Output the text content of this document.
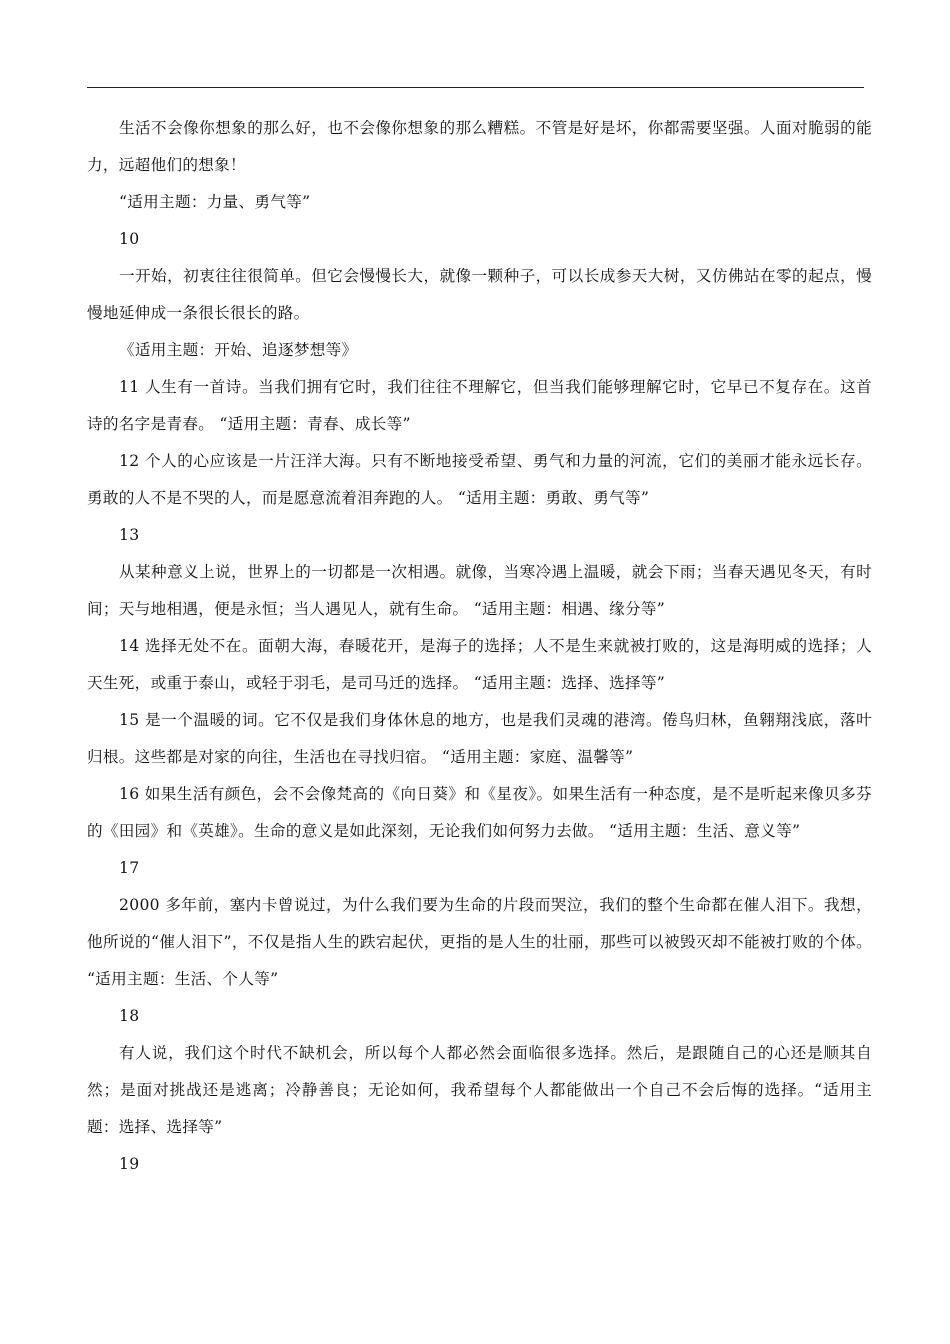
生活不会像你想象的那么好，也不会像你想象的那么糟糕。不管是好是坏，你都需要坚强。人面对脆弱的能力，远超他们的想象！

“适用主题：力量、勇气等”

10

一开始，初衷往往很简单。但它会慢慢长大，就像一颗种子，可以长成参天大树，又仿佛站在零的起点，慢慢地延伸成一条很长很长的路。

《适用主题：开始、追逐梦想等》

11 人生有一首诗。当我们拥有它时，我们往往不理解它，但当我们能够理解它时，它早已不复存在。这首诗的名字是青春。 “适用主题：青春、成长等”

12 个人的心应该是一片汪洋大海。只有不断地接受希望、勇气和力量的河流，它们的美丽才能永远长存。勇敢的人不是不哭的人，而是愿意流着泪奔跑的人。 “适用主题：勇敢、勇气等”

13

从某种意义上说，世界上的一切都是一次相遇。就像，当寒冷遇上温暖，就会下雨；当春天遇见冬天，有时间；天与地相遇，便是永恒；当人遇见人，就有生命。 “适用主题：相遇、缘分等”

14 选择无处不在。面朝大海，春暖花开，是海子的选择；人不是生来就被打败的，这是海明威的选择；人天生死，或重于泰山，或轻于羽毛，是司马迁的选择。 “适用主题：选择、选择等”

15 是一个温暖的词。它不仅是我们身体休息的地方，也是我们灵魂的港湾。倦鸟归林，鱼翱翔浅底，落叶归根。这些都是对家的向往，生活也在寻找归宿。 “适用主题：家庭、温馨等”

16 如果生活有颜色，会不会像梵高的《向日葵》和《星夜》。如果生活有一种态度，是不是听起来像贝多芬的《田园》和《英雄》。生命的意义是如此深刻，无论我们如何努力去做。 “适用主题：生活、意义等”

17

2000 多年前，塞内卡曾说过，为什么我们要为生命的片段而哭泣，我们的整个生命都在催人泪下。我想，他所说的“催人泪下”，不仅是指人生的跌宕起伏，更指的是人生的壮丽，那些可以被毁灭却不能被打败的个体。 “适用主题：生活、个人等”

18

有人说，我们这个时代不缺机会，所以每个人都必然会面临很多选择。然后，是跟随自己的心还是顺其自然；是面对挑战还是逃离；冷静善良；无论如何，我希望每个人都能做出一个自己不会后悔的选择。“适用主题：选择、选择等”

19
